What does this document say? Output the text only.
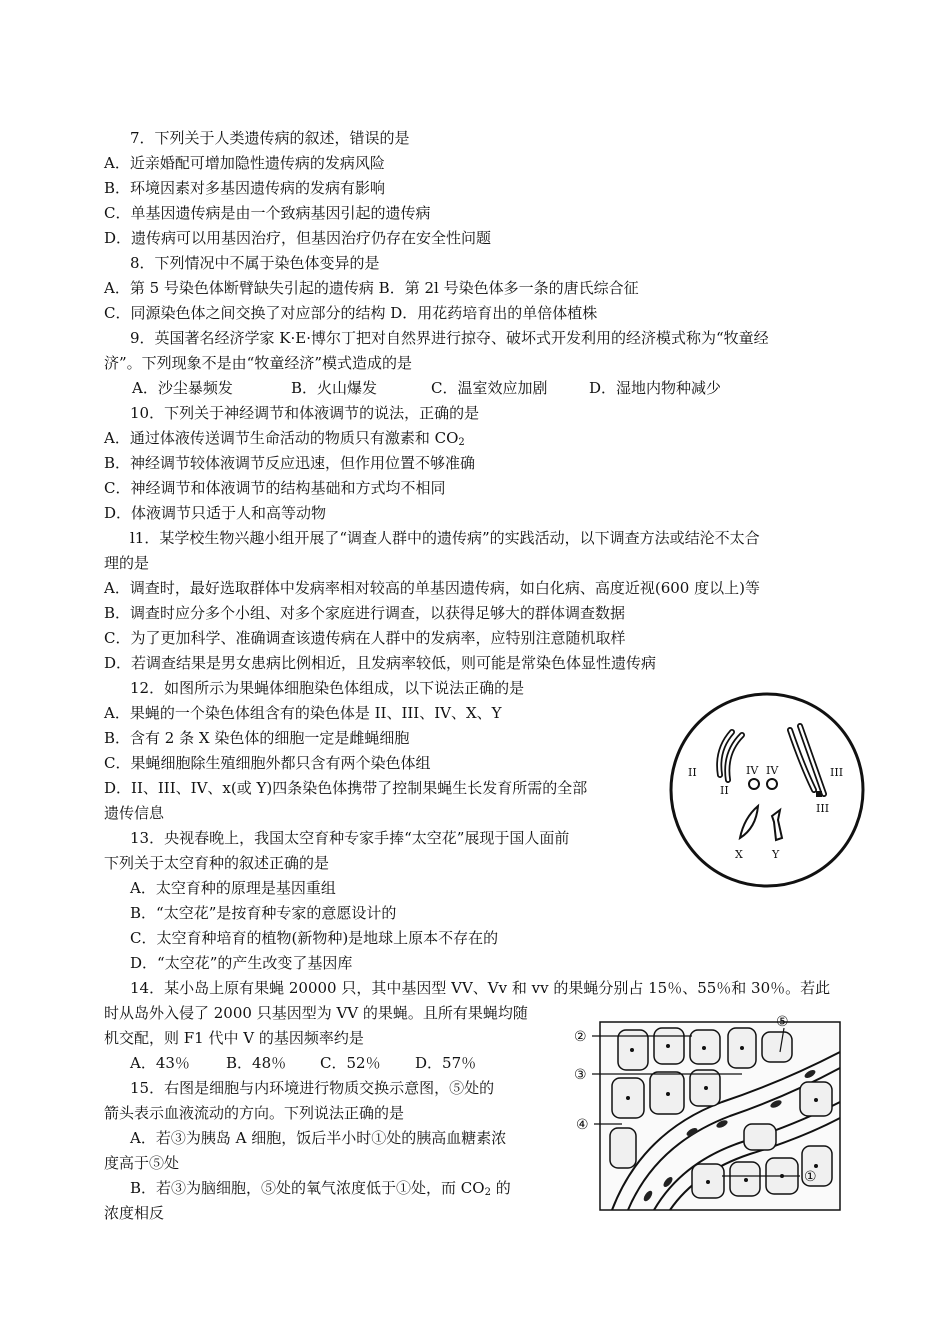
7．下列关于人类遗传病的叙述，错误的是
A．近亲婚配可增加隐性遗传病的发病风险
B．环境因素对多基因遗传病的发病有影响
C．单基因遗传病是由一个致病基因引起的遗传病
D．遗传病可以用基因治疗，但基因治疗仍存在安全性问题
8．下列情况中不属于染色体变异的是
A．第 5 号染色体断臂缺失引起的遗传病 B．第 2l 号染色体多一条的唐氏综合征
C．同源染色体之间交换了对应部分的结构 D．用花药培育出的单倍体植株
9．英国著名经济学家 K·E·博尔丁把对自然界进行掠夺、破坏式开发利用的经济模式称为“牧童经
济”。下列现象不是由“牧童经济”模式造成的是
A．沙尘暴频发	B．火山爆发	C．温室效应加剧	D．湿地内物种减少
10．下列关于神经调节和体液调节的说法，正确的是
A．通过体液传送调节生命活动的物质只有激素和 $CO_2$
B．神经调节较体液调节反应迅速，但作用位置不够准确
C．神经调节和体液调节的结构基础和方式均不相同
D．体液调节只适于人和高等动物
l1．某学校生物兴趣小组开展了“调查人群中的遗传病”的实践活动，以下调查方法或结沦不太合
理的是
A．调查时，最好选取群体中发病率相对较高的单基因遗传病，如白化病、高度近视(600 度以上)等
B．调查时应分多个小组、对多个家庭进行调查，以获得足够大的群体调查数据
C．为了更加科学、准确调查该遗传病在人群中的发病率，应特别注意随机取样
D．若调查结果是男女患病比例相近，且发病率较低，则可能是常染色体显性遗传病
12．如图所示为果蝇体细胞染色体组成，以下说法正确的是
A．果蝇的一个染色体组含有的染色体是 II、III、IV、X、Y
B．含有 2 条 X 染色体的细胞一定是雌蝇细胞
C．果蝇细胞除生殖细胞外都只含有两个染色体组
D．II、III、IV、x(或 Y)四条染色体携带了控制果蝇生长发育所需的全部
遗传信息
13．央视春晚上，我国太空育种专家手捧“太空花”展现于国人面前
下列关于太空育种的叙述正确的是
A．太空育种的原理是基因重组
B．“太空花”是按育种专家的意愿设计的
C．太空育种培育的植物(新物种)是地球上原本不存在的
D．“太空花”的产生改变了基因库
14．某小岛上原有果蝇 20000 只，其中基因型 VV、Vv 和 vv 的果蝇分别占 15％、55％和 30％。若此
时从岛外入侵了 2000 只基因型为 VV 的果蝇。且所有果蝇均随
机交配，则 F1 代中 V 的基因频率约是
A．43％ B．48％ C．52％ D．57％
15．右图是细胞与内环境进行物质交换示意图，⑤处的
箭头表示血液流动的方向。下列说法正确的是
A．若③为胰岛 A 细胞，饭后半小时①处的胰高血糖素浓
度高于⑤处
B．若③为脑细胞，⑤处的氧气浓度低于①处，而 $CO_2$ 的
浓度相反
II
II
IV IV	III
III
X	Y
②
③
④
⑤
①
